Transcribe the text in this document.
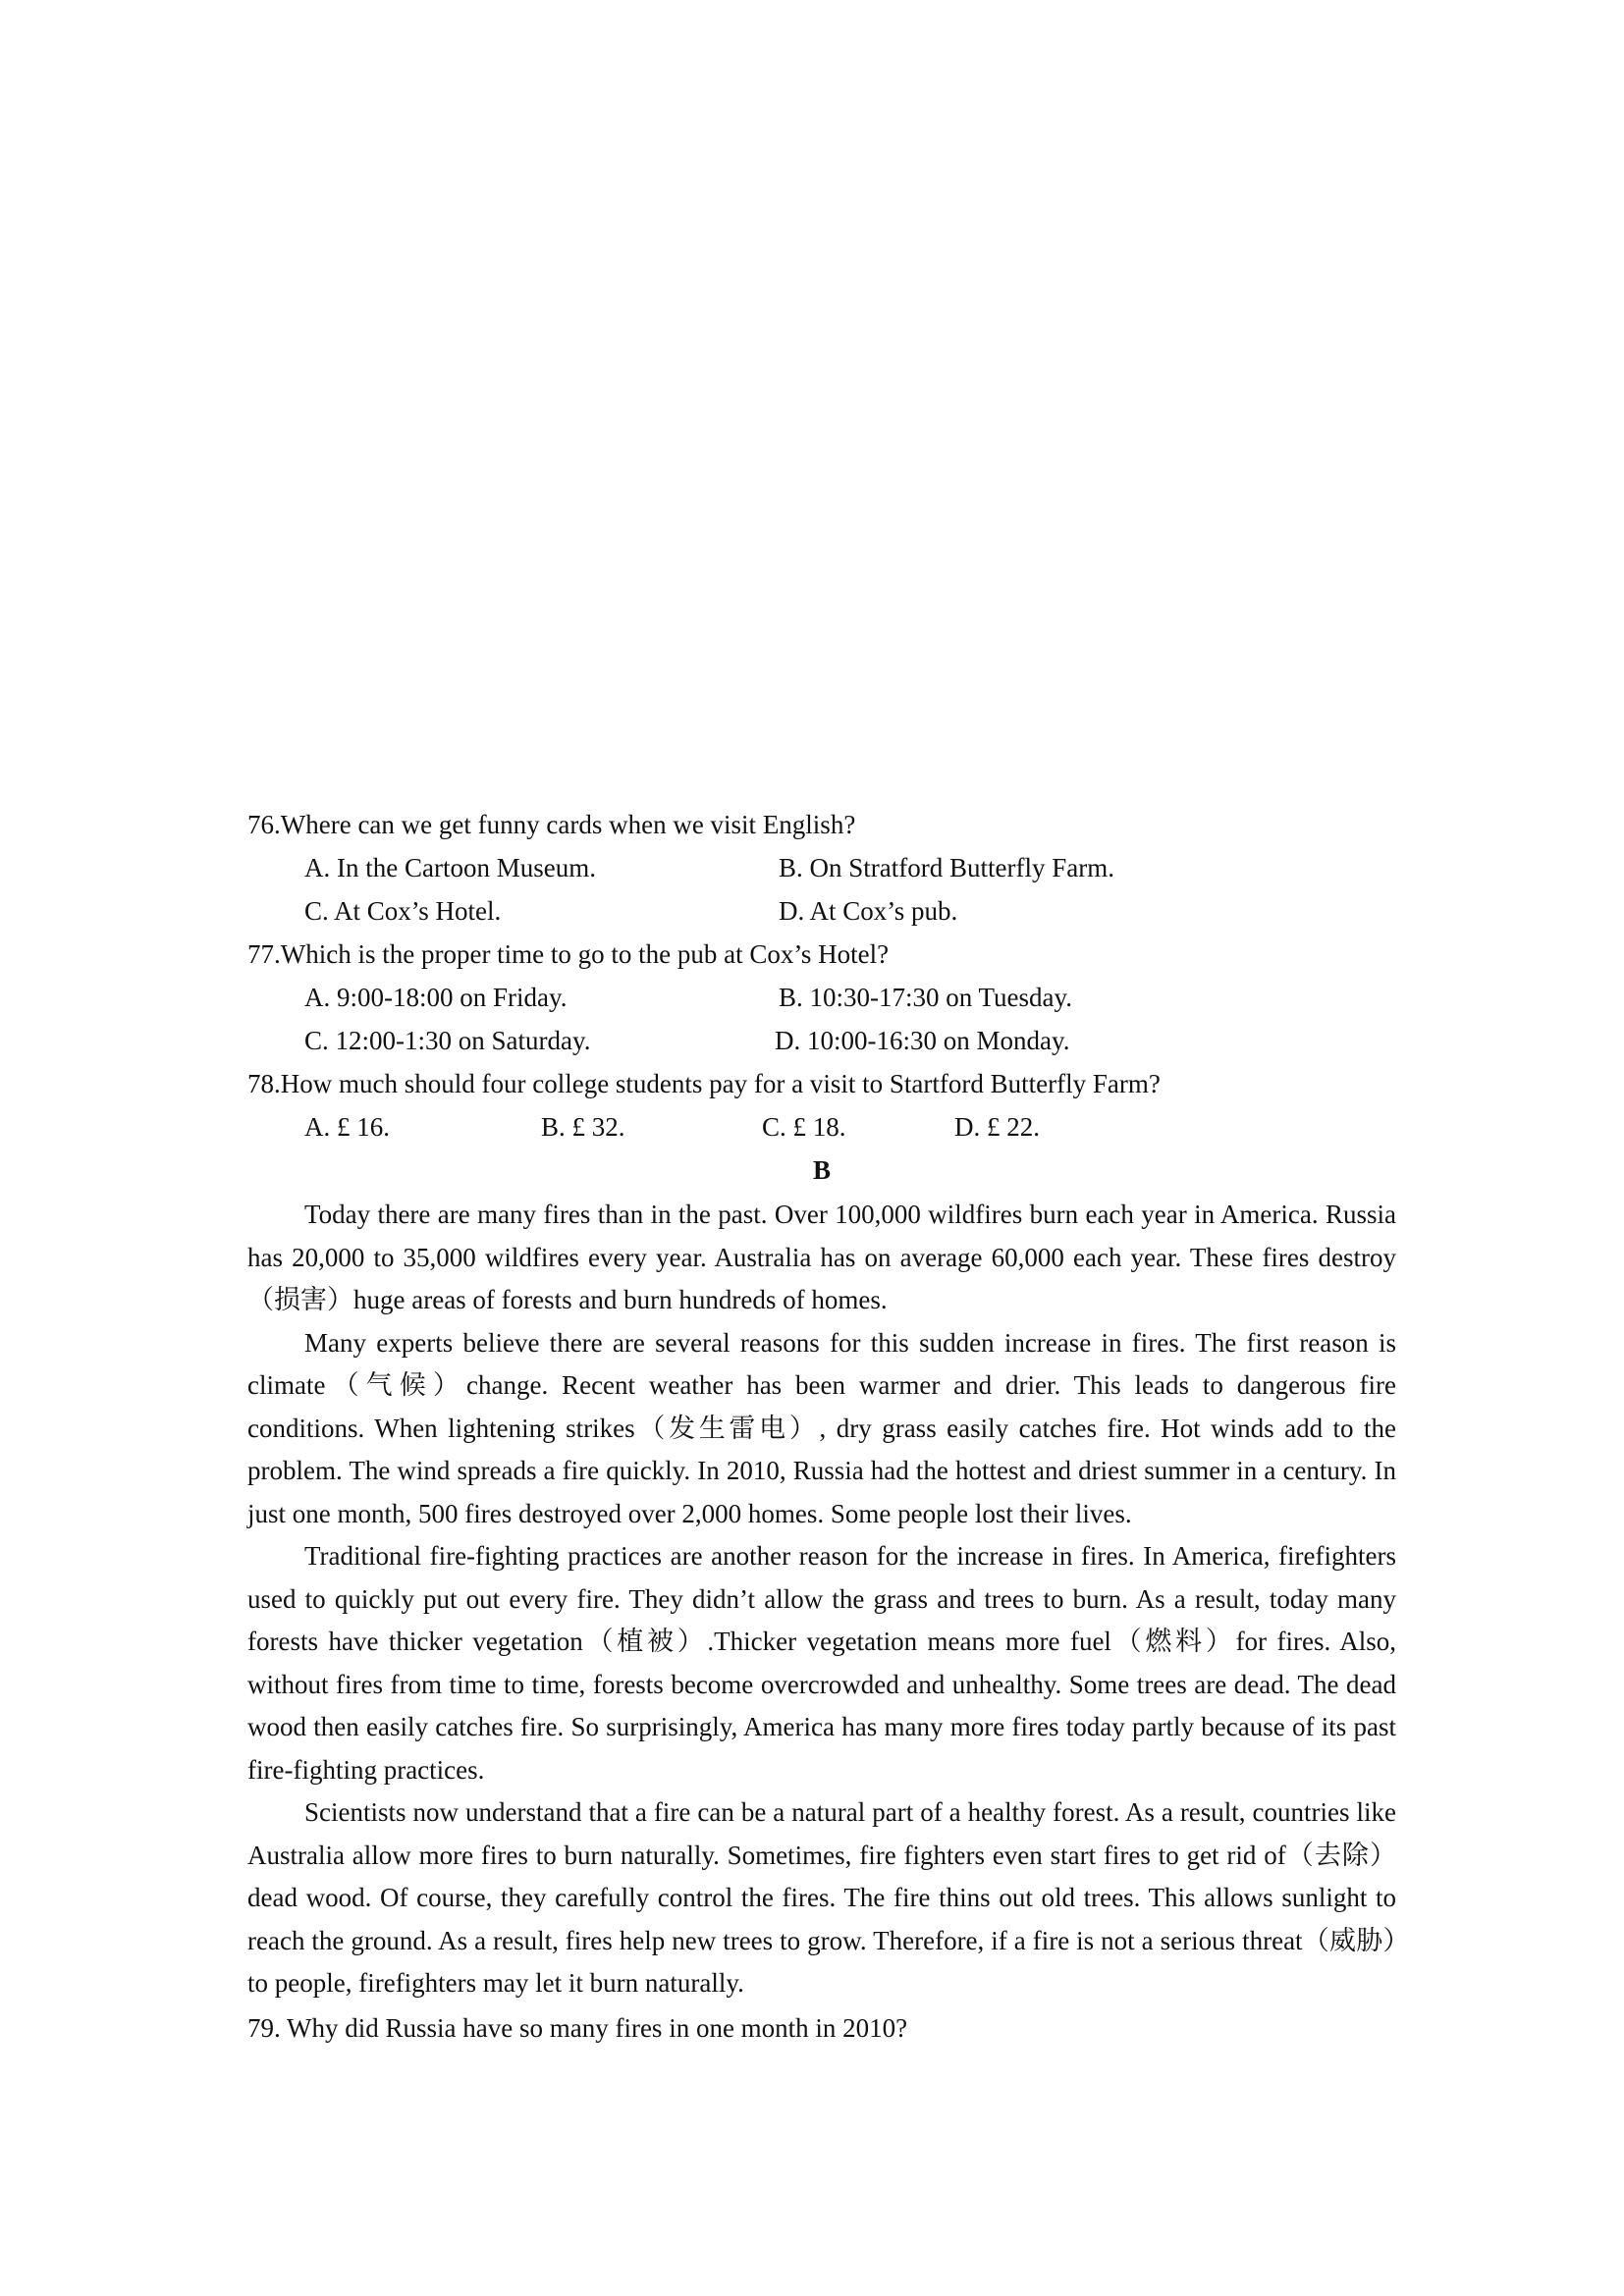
76.Where can we get funny cards when we visit English?
A. In the Cartoon Museum.	B. On Stratford Butterfly Farm.
C. At Cox’s Hotel.	D. At Cox’s pub.
77.Which is the proper time to go to the pub at Cox’s Hotel?
A. 9:00-18:00 on Friday.	B. 10:30-17:30 on Tuesday.
C. 12:00-1:30 on Saturday.	D. 10:00-16:30 on Monday.
78.How much should four college students pay for a visit to Startford Butterfly Farm?
A. £ 16.	B. £ 32.	C. £ 18.	D. £ 22.
B

Today there are many fires than in the past. Over 100,000 wildfires burn each year in America. Russia has 20,000 to 35,000 wildfires every year. Australia has on average 60,000 each year. These fires destroy（损害）huge areas of forests and burn hundreds of homes.

Many experts believe there are several reasons for this sudden increase in fires. The first reason is climate（气候）change. Recent weather has been warmer and drier. This leads to dangerous fire conditions. When lightening strikes（发生雷电）, dry grass easily catches fire. Hot winds add to the problem. The wind spreads a fire quickly. In 2010, Russia had the hottest and driest summer in a century. In just one month, 500 fires destroyed over 2,000 homes. Some people lost their lives.

Traditional fire-fighting practices are another reason for the increase in fires. In America, firefighters used to quickly put out every fire. They didn’t allow the grass and trees to burn. As a result, today many forests have thicker vegetation（植被）.Thicker vegetation means more fuel（燃料）for fires. Also, without fires from time to time, forests become overcrowded and unhealthy. Some trees are dead. The dead wood then easily catches fire. So surprisingly, America has many more fires today partly because of its past fire-fighting practices.

Scientists now understand that a fire can be a natural part of a healthy forest. As a result, countries like Australia allow more fires to burn naturally. Sometimes, fire fighters even start fires to get rid of（去除）dead wood. Of course, they carefully control the fires. The fire thins out old trees. This allows sunlight to reach the ground. As a result, fires help new trees to grow. Therefore, if a fire is not a serious threat（威胁）to people, firefighters may let it burn naturally.

79. Why did Russia have so many fires in one month in 2010?
